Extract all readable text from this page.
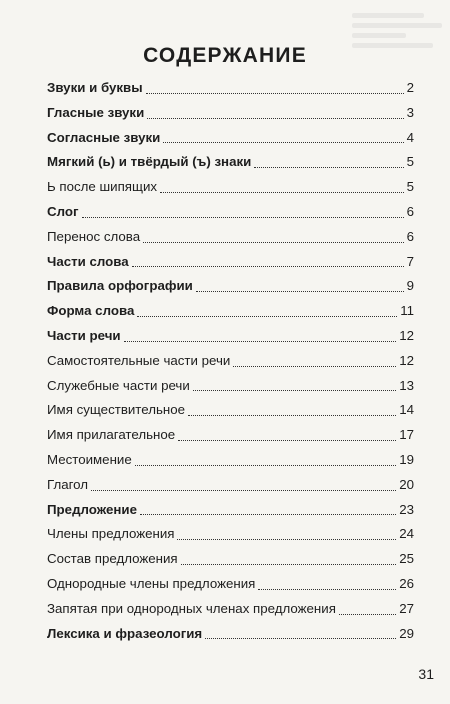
СОДЕРЖАНИЕ
Звуки и буквы	2
Гласные звуки	3
Согласные звуки	4
Мягкий (ь) и твёрдый (ъ) знаки	5
Ь после шипящих	5
Слог	6
Перенос слова	6
Части слова	7
Правила орфографии	9
Форма слова	11
Части речи	12
Самостоятельные части речи	12
Служебные части речи	13
Имя существительное	14
Имя прилагательное	17
Местоимение	19
Глагол	20
Предложение	23
Члены предложения	24
Состав предложения	25
Однородные члены предложения	26
Запятая при однородных членах предложения	27
Лексика и фразеология	29
31
